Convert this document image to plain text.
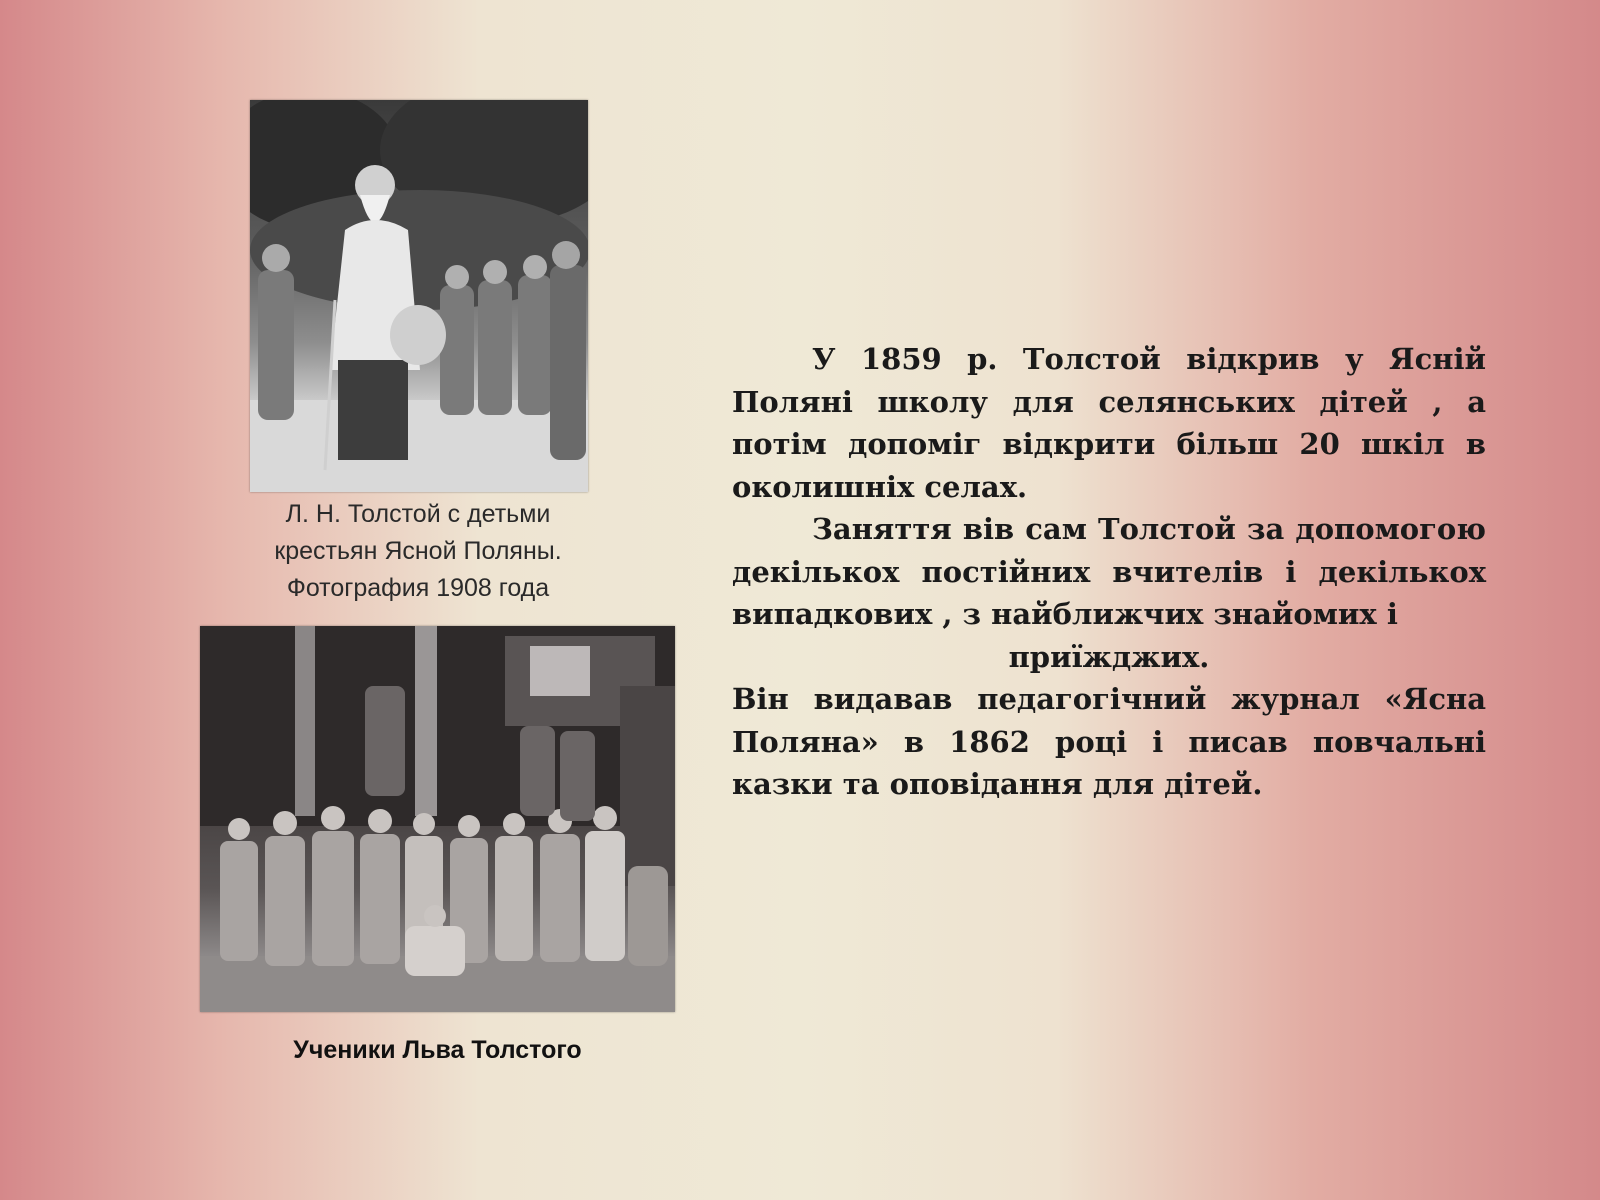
Л. Н. Толстой с детьми
крестьян Ясной Поляны.
Фотография 1908 года
Ученики Льва Толстого

У 1859 р. Толстой відкрив у Ясній Поляні школу для селянських дітей , а потім допоміг відкрити більш 20 шкіл в околишніх селах.

Заняття вів сам Толстой за допомогою декількох постійних вчителів і декількох випадкових , з найближчих знайомих і

приїжджих.

Він видавав педагогічний журнал «Ясна Поляна» в 1862 році і писав повчальні казки та оповідання для дітей.
